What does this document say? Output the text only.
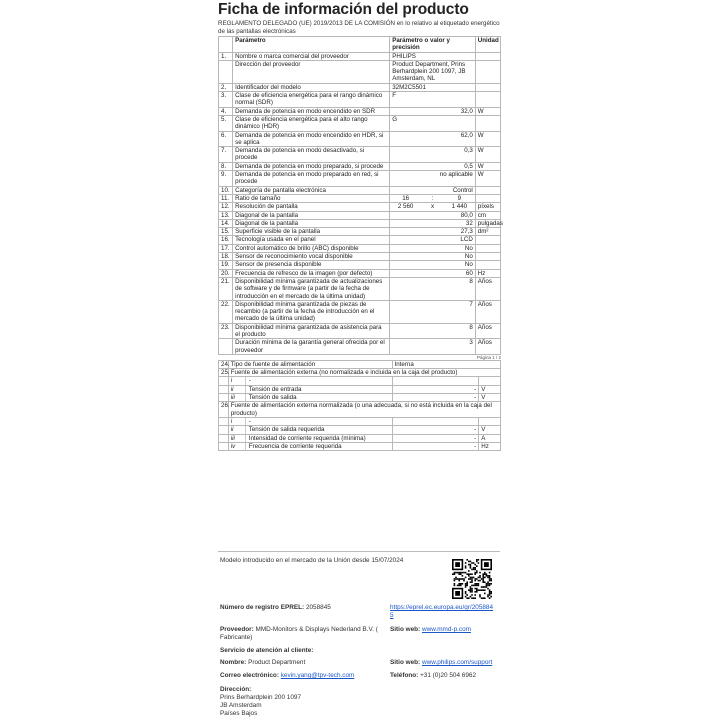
Ficha de información del producto
REGLAMENTO DELEGADO (UE) 2019/2013 DE LA COMISIÓN en lo relativo al etiquetado energético de las pantallas electrónicas
	Parámetro	Parámetro o valor y precisión	Unidad
1.	Nombre o marca comercial del proveedor	PHILIPS	
	Dirección del proveedor	Product Department, Prins Berhardplein 200 1097, JB Amsterdam, NL	
2.	Identificador del modelo	32M2C5501	
3.	Clase de eficiencia energética para el rango dinámico normal (SDR)	F	
4.	Demanda de potencia en modo encendido en SDR	32,0	W
5.	Clase de eficiencia energética para el alto rango dinámico (HDR)	G	
6.	Demanda de potencia en modo encendido en HDR, si se aplica	62,0	W
7.	Demanda de potencia en modo desactivado, si procede	0,3	W
8.	Demanda de potencia en modo preparado, si procede	0,5	W
9.	Demanda de potencia en modo preparado en red, si procede	no aplicable	W
10.	Categoría de pantalla electrónica	Control	
11.	Ratio de tamaño	16 : 9	

12.	Resolución de pantalla	2 560 x 1 440	píxels
13.	Diagonal de la pantalla	80,0	cm
14.	Diagonal de la pantalla	32	pulgadas
15.	Superficie visible de la pantalla	27,3	dm²
16.	Tecnología usada en el panel	LCD	
17.	Control automático de brillo (ABC) disponible	No	
18.	Sensor de reconocimiento vocal disponible	No	
19.	Sensor de presencia disponible	No	
20.	Frecuencia de refresco de la imagen (por defecto)	60	Hz
21.	Disponibilidad mínima garantizada de actualizaciones de software y de firmware (a partir de la fecha de introducción en el mercado de la última unidad)	8	Años
22.	Disponibilidad mínima garantizada de piezas de recambio (a partir de la fecha de introducción en el mercado de la última unidad)	7	Años
23.	Disponibilidad mínima garantizada de asistencia para el producto	8	Años
	Duración mínima de la garantía general ofrecida por el proveedor	3	Años
Página 1 / 2

24.	Tipo de fuente de alimentación	Interna	
25.	Fuente de alimentación externa (no normalizada e incluida en la caja del producto)		

	i -		

	ii Tensión de entrada	-	V

	iii Tensión de salida	-	V
26.	Fuente de alimentación externa normalizada (o una adecuada, si no está incluida en la caja del producto)		

	i -		

	ii Tensión de salida requerida	-	V

	iii Intensidad de corriente requerida (mínima)	-	A

	iv Frecuencia de corriente requerida	-	Hz
Modelo introducido en el mercado de la Unión desde 15/07/2024
Número de registro EPREL: 2058845	https://eprel.ec.europa.eu/qr/2058845
Proveedor: MMD-Monitors & Displays Nederland B.V. ( Fabricante)
Sitio web: www.mmd-p.com
Servicio de atención al cliente:
Nombre: Product Department	Sitio web: www.philips.com/support
Correo electrónico: kevin.yang@tpv-tech.com	Teléfono: +31 (0)20 504 6962
Dirección:
Prins Berhardplein 200 1097
JB Amsterdam
Países Bajos
